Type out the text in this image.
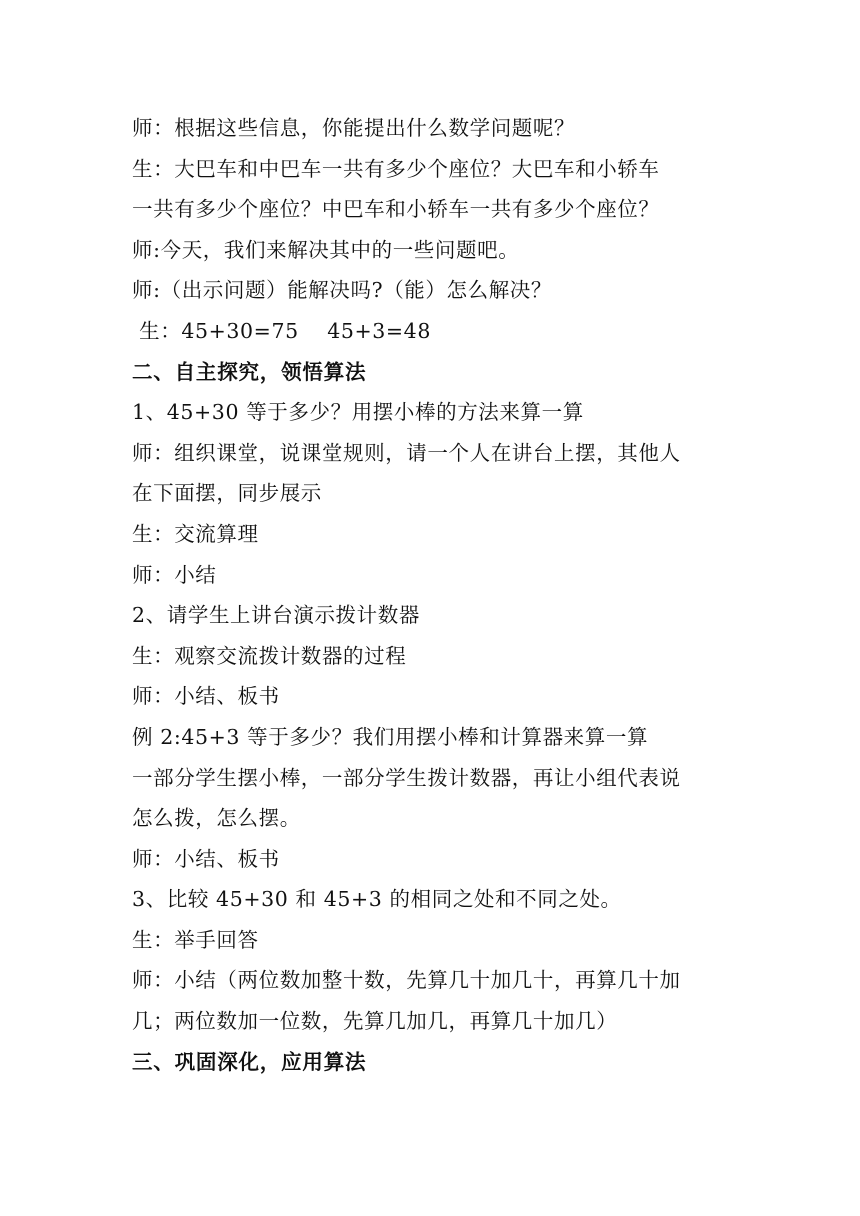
师：根据这些信息，你能提出什么数学问题呢？
生：大巴车和中巴车一共有多少个座位？大巴车和小轿车
一共有多少个座位？中巴车和小轿车一共有多少个座位？
师:今天，我们来解决其中的一些问题吧。
师:（出示问题）能解决吗?（能）怎么解决？
生：45+30=75    45+3=48
二、自主探究，领悟算法
1、45+30 等于多少？用摆小棒的方法来算一算
师：组织课堂，说课堂规则，请一个人在讲台上摆，其他人
在下面摆，同步展示
生：交流算理
师：小结
2、请学生上讲台演示拨计数器
生：观察交流拨计数器的过程
师：小结、板书
例 2:45+3 等于多少？我们用摆小棒和计算器来算一算
一部分学生摆小棒，一部分学生拨计数器，再让小组代表说
怎么拨，怎么摆。
师：小结、板书
3、比较 45+30 和 45+3 的相同之处和不同之处。
生：举手回答
师：小结（两位数加整十数，先算几十加几十，再算几十加
几；两位数加一位数，先算几加几，再算几十加几）
三、巩固深化，应用算法
